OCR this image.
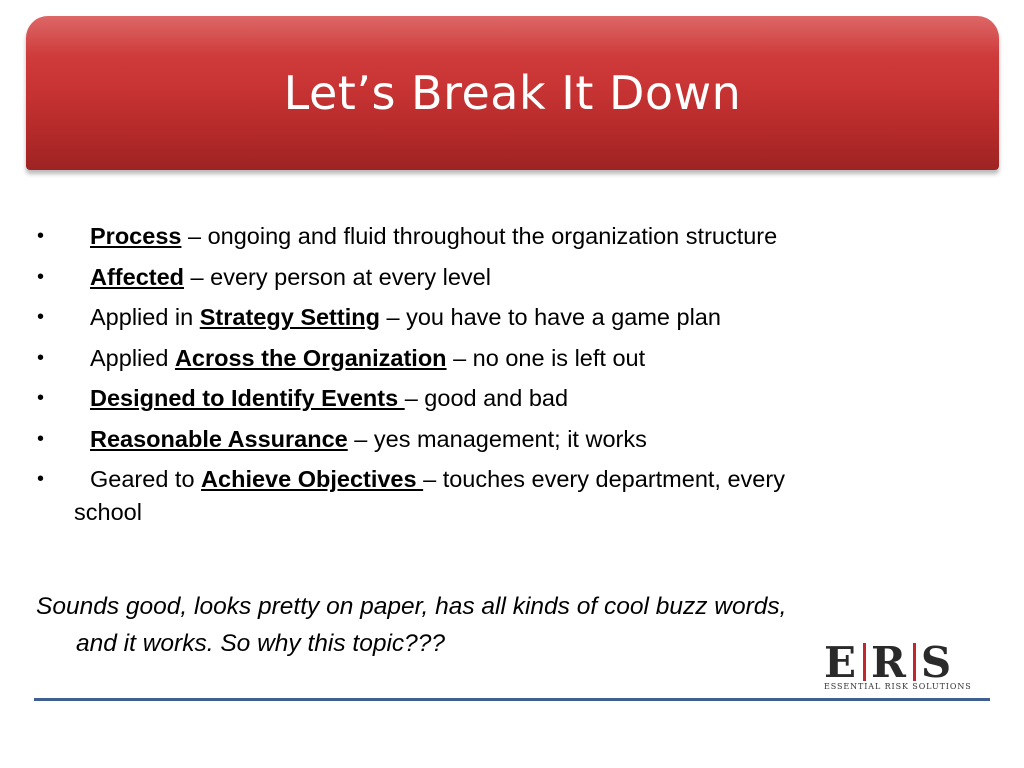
Let’s Break It Down
• Process – ongoing and fluid throughout the organization structure
• Affected – every person at every level
• Applied in Strategy Setting – you have to have a game plan
• Applied Across the Organization – no one is left out
• Designed to Identify Events – good and bad
• Reasonable Assurance – yes management; it works
• Geared to Achieve Objectives – touches every department, every
school
Sounds good, looks pretty on paper, has all kinds of cool buzz words,
and it works. So why this topic???	E R S
ESSENTIAL RISK SOLUTIONS
